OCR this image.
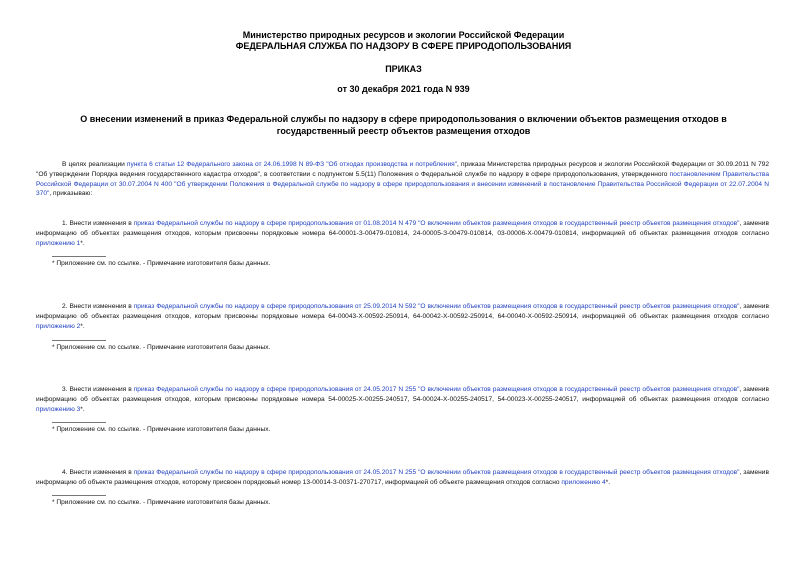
Министерство природных ресурсов и экологии Российской Федерации
ФЕДЕРАЛЬНАЯ СЛУЖБА ПО НАДЗОРУ В СФЕРЕ ПРИРОДОПОЛЬЗОВАНИЯ
ПРИКАЗ
от 30 декабря 2021 года N 939
О внесении изменений в приказ Федеральной службы по надзору в сфере природопользования о включении объектов размещения отходов в государственный реестр объектов размещения отходов

В целях реализации пункта 6 статьи 12 Федерального закона от 24.06.1998 N 89-ФЗ "Об отходах производства и потребления", приказа Министерства природных ресурсов и экологии Российской Федерации от 30.09.2011 N 792 "Об утверждении Порядка ведения государственного кадастра отходов", в соответствии с подпунктом 5.5(11) Положения о Федеральной службе по надзору в сфере природопользования, утвержденного постановлением Правительства Российской Федерации от 30.07.2004 N 400 "Об утверждении Положения о Федеральной службе по надзору в сфере природопользования и внесении изменений в постановление Правительства Российской Федерации от 22.07.2004 N 370", приказываю:

1. Внести изменения в приказ Федеральной службы по надзору в сфере природопользования от 01.08.2014 N 479 "О включении объектов размещения отходов в государственный реестр объектов размещения отходов", заменив информацию об объектах размещения отходов, которым присвоены порядковые номера 64-00001-З-00479-010814, 24-00005-З-00479-010814, 03-00006-Х-00479-010814, информацией об объектах размещения отходов согласно приложению 1*.

* Приложение см. по ссылке. - Примечание изготовителя базы данных.

2. Внести изменения в приказ Федеральной службы по надзору в сфере природопользования от 25.09.2014 N 592 "О включении объектов размещения отходов в государственный реестр объектов размещения отходов", заменив информацию об объектах размещения отходов, которым присвоены порядковые номера 64-00043-Х-00592-250914, 64-00042-Х-00592-250914, 64-00040-Х-00592-250914, информацией об объектах размещения отходов согласно приложению 2*.

* Приложение см. по ссылке. - Примечание изготовителя базы данных.

3. Внести изменения в приказ Федеральной службы по надзору в сфере природопользования от 24.05.2017 N 255 "О включении объектов размещения отходов в государственный реестр объектов размещения отходов", заменив информацию об объектах размещения отходов, которым присвоены порядковые номера 54-00025-Х-00255-240517, 54-00024-Х-00255-240517, 54-00023-Х-00255-240517, информацией об объектах размещения отходов согласно приложению 3*.

* Приложение см. по ссылке. - Примечание изготовителя базы данных.

4. Внести изменения в приказ Федеральной службы по надзору в сфере природопользования от 24.05.2017 N 255 "О включении объектов размещения отходов в государственный реестр объектов размещения отходов", заменив информацию об объекте размещения отходов, которому присвоен порядковый номер 13-00014-З-00371-270717, информацией об объекте размещения отходов согласно приложению 4*.

* Приложение см. по ссылке. - Примечание изготовителя базы данных.
